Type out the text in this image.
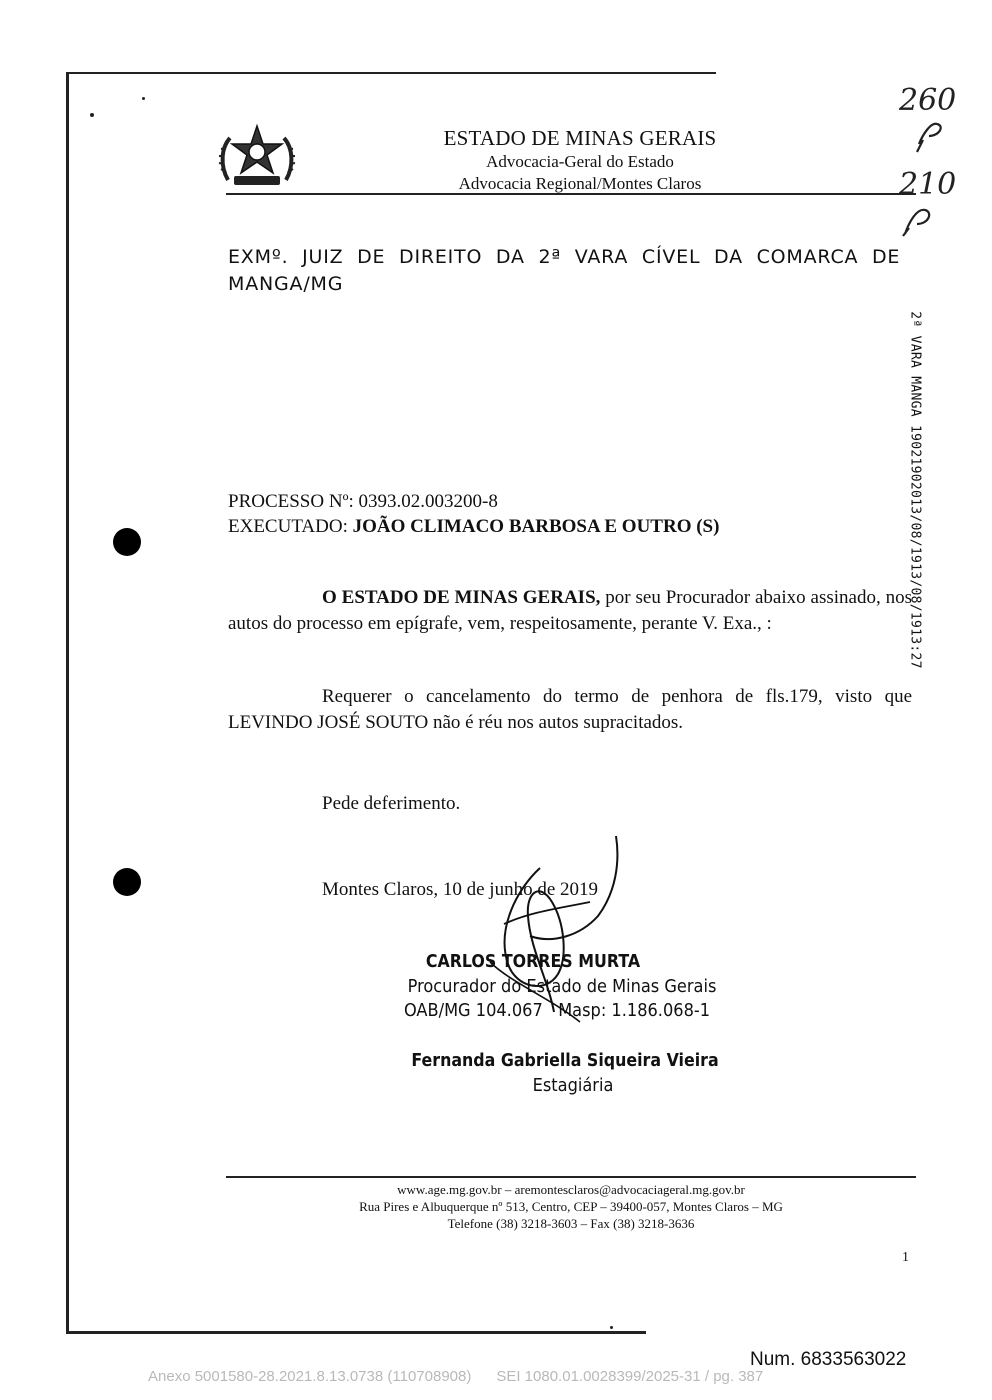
ESTADO DE MINAS GERAIS
Advocacia-Geral do Estado
Advocacia Regional/Montes Claros
260
210
EXMº.  JUIZ  DE  DIREITO  DA  2ª  VARA  CÍVEL  DA  COMARCA  DE
MANGA/MG
2ª VARA MANGA 19021902013/08/1913/08/1913:27
PROCESSO Nº: 0393.02.003200-8
EXECUTADO: JOÃO CLIMACO BARBOSA E OUTRO (S)
O ESTADO DE MINAS GERAIS, por seu Procurador abaixo assinado, nos autos do processo em epígrafe, vem, respeitosamente, perante V. Exa., :
Requerer o cancelamento do termo de penhora de fls.179, visto que LEVINDO JOSÉ SOUTO não é réu nos autos supracitados.
Pede deferimento.
Montes Claros, 10 de junho de 2019
CARLOS TORRES MURTA
Procurador do Estado de Minas Gerais
OAB/MG 104.067   Masp: 1.186.068-1
Fernanda Gabriella Siqueira Vieira
Estagiária
www.age.mg.gov.br – aremontesclaros@advocaciageral.mg.gov.br
Rua Pires e Albuquerque nº 513, Centro, CEP – 39400-057, Montes Claros – MG
Telefone (38) 3218-3603 – Fax (38) 3218-3636
1
Num. 6833563022
Anexo 5001580-28.2021.8.13.0738 (110708908)      SEI 1080.01.0028399/2025-31 / pg. 387
